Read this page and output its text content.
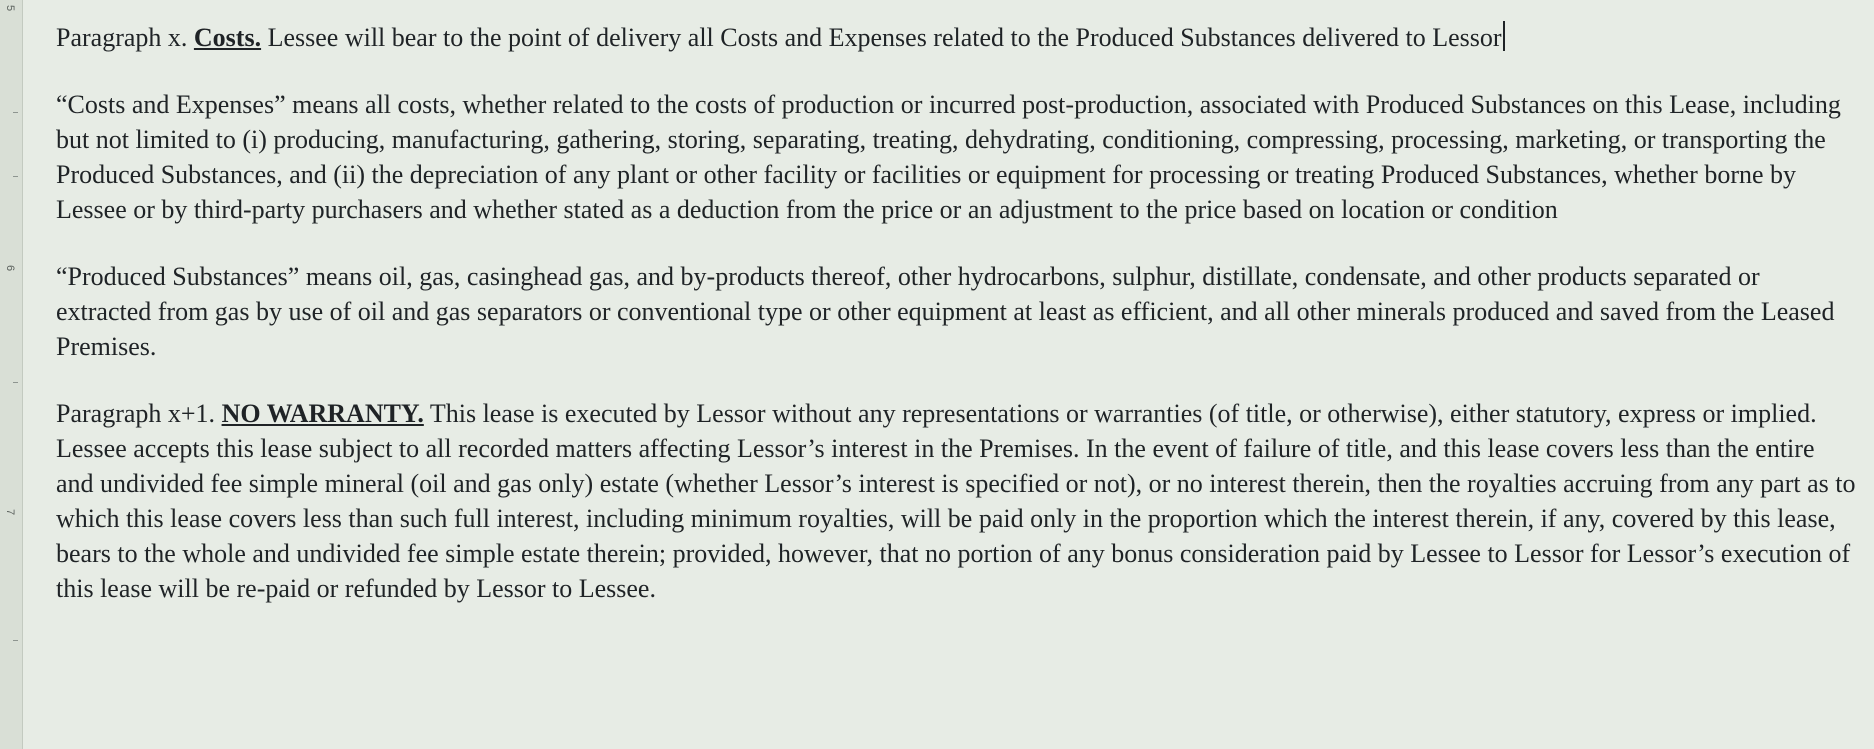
5
6
7

Paragraph x. Costs. Lessee will bear to the point of delivery all Costs and Expenses related to the Produced Substances delivered to Lessor

“Costs and Expenses” means all costs, whether related to the costs of production or incurred post-production, associated with Produced Substances on this Lease, including but not limited to (i) producing, manufacturing, gathering, storing, separating, treating, dehydrating, conditioning, compressing, processing, marketing, or transporting the Produced Substances, and (ii) the depreciation of any plant or other facility or facilities or equipment for processing or treating Produced Substances, whether borne by Lessee or by third-party purchasers and whether stated as a deduction from the price or an adjustment to the price based on location or condition

“Produced Substances” means oil, gas, casinghead gas, and by-products thereof, other hydrocarbons, sulphur, distillate, condensate, and other products separated or extracted from gas by use of oil and gas separators or conventional type or other equipment at least as efficient, and all other minerals produced and saved from the Leased Premises.

Paragraph x+1. NO WARRANTY. This lease is executed by Lessor without any representations or warranties (of title, or otherwise), either statutory, express or implied. Lessee accepts this lease subject to all recorded matters affecting Lessor’s interest in the Premises. In the event of failure of title, and this lease covers less than the entire and undivided fee simple mineral (oil and gas only) estate (whether Lessor’s interest is specified or not), or no interest therein, then the royalties accruing from any part as to which this lease covers less than such full interest, including minimum royalties, will be paid only in the proportion which the interest therein, if any, covered by this lease, bears to the whole and undivided fee simple estate therein; provided, however, that no portion of any bonus consideration paid by Lessee to Lessor for Lessor’s execution of this lease will be re-paid or refunded by Lessor to Lessee.
